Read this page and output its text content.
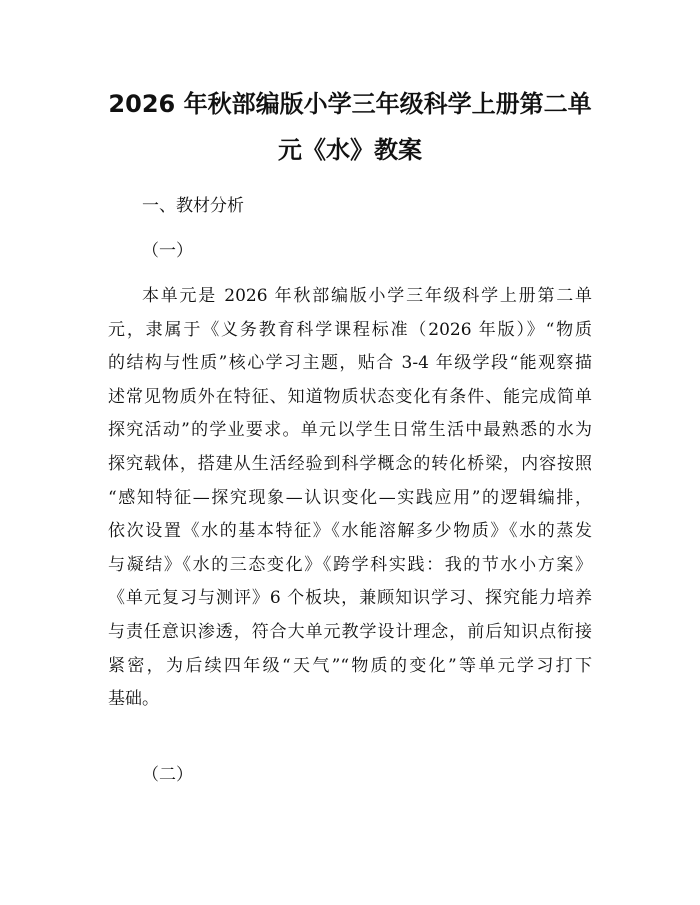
2026 年秋部编版小学三年级科学上册第二单
元《水》教案

一、教材分析

（一）

本单元是 2026 年秋部编版小学三年级科学上册第二单
元，隶属于《义务教育科学课程标准（2026 年版）》“物质
的结构与性质”核心学习主题，贴合 3-4 年级学段“能观察描
述常见物质外在特征、知道物质状态变化有条件、能完成简单
探究活动”的学业要求。单元以学生日常生活中最熟悉的水为
探究载体，搭建从生活经验到科学概念的转化桥梁，内容按照
“感知特征—探究现象—认识变化—实践应用”的逻辑编排，
依次设置《水的基本特征》《水能溶解多少物质》《水的蒸发
与凝结》《水的三态变化》《跨学科实践：我的节水小方案》
《单元复习与测评》6 个板块，兼顾知识学习、探究能力培养
与责任意识渗透，符合大单元教学设计理念，前后知识点衔接
紧密，为后续四年级“天气”“物质的变化”等单元学习打下
基础。

（二）
